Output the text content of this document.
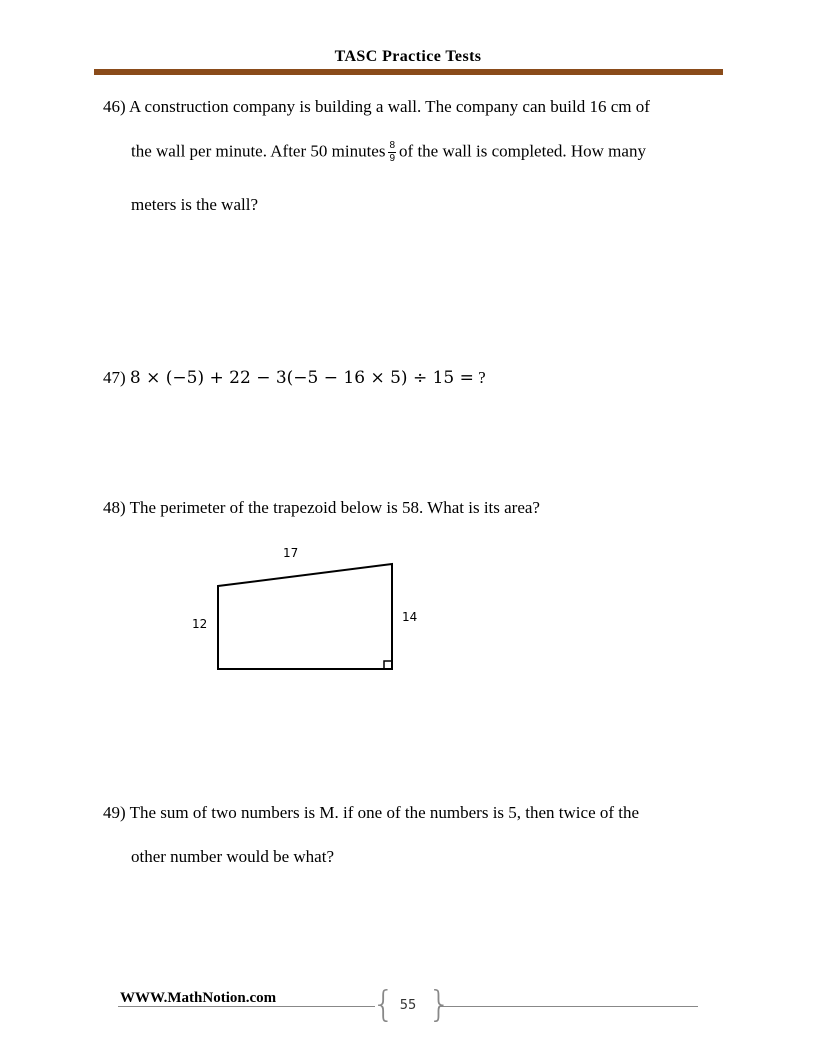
TASC Practice Tests
46) A construction company is building a wall. The company can build 16 cm of
the wall per minute. After 50 minutes $\frac{8}{9}$ of the wall is completed. How many
meters is the wall?
47) 8 × (−5) + 22 − 3(−5 − 16 × 5) ÷ 15 = ?
48) The perimeter of the trapezoid below is 58. What is its area?
17
12	14
49) The sum of two numbers is M. if one of the numbers is 5, then twice of the
other number would be what?
WWW.MathNotion.com	{ }
55
